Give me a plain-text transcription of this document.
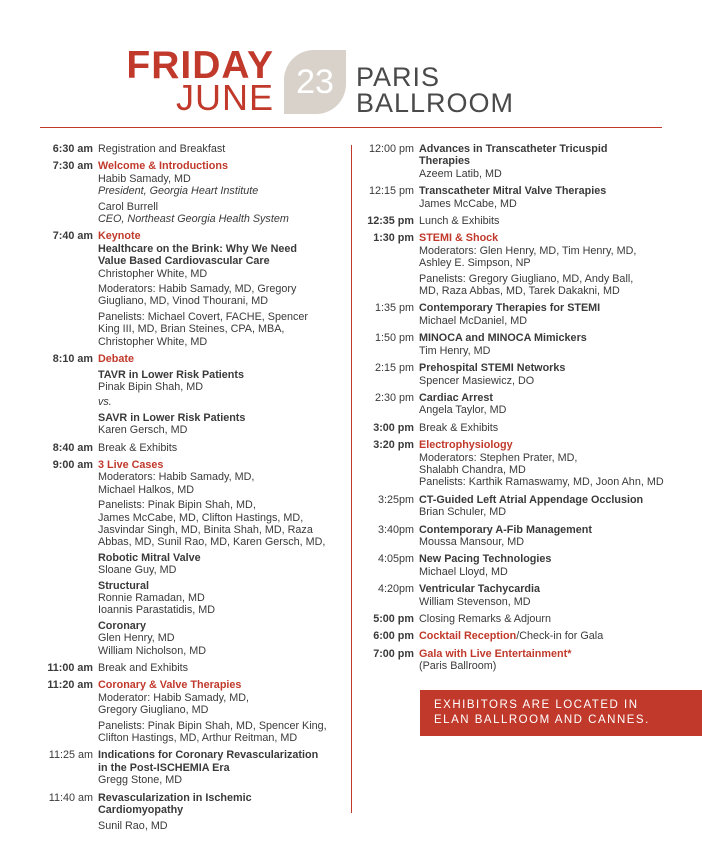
FRIDAY
JUNE 23 PARIS
BALLROOM
6:30 am Registration and Breakfast
7:30 am Welcome & Introductions
Habib Samady, MD
President, Georgia Heart Institute
Carol Burrell
CEO, Northeast Georgia Health System
7:40 am Keynote
Healthcare on the Brink: Why We Need
Value Based Cardiovascular Care
Christopher White, MD
Moderators: Habib Samady, MD, Gregory
Giugliano, MD, Vinod Thourani, MD
Panelists: Michael Covert, FACHE, Spencer
King III, MD, Brian Steines, CPA, MBA,
Christopher White, MD
8:10 am Debate
TAVR in Lower Risk Patients
Pinak Bipin Shah, MD
vs.
SAVR in Lower Risk Patients
Karen Gersch, MD
8:40 am Break & Exhibits
9:00 am 3 Live Cases
Moderators: Habib Samady, MD,
Michael Halkos, MD
Panelists: Pinak Bipin Shah, MD,
James McCabe, MD, Clifton Hastings, MD,
Jasvindar Singh, MD, Binita Shah, MD, Raza
Abbas, MD, Sunil Rao, MD, Karen Gersch, MD,
Robotic Mitral Valve
Sloane Guy, MD
Structural
Ronnie Ramadan, MD
Ioannis Parastatidis, MD
Coronary
Glen Henry, MD
William Nicholson, MD
11:00 am Break and Exhibits
11:20 am Coronary & Valve Therapies
Moderator: Habib Samady, MD,
Gregory Giugliano, MD
Panelists: Pinak Bipin Shah, MD, Spencer King,
Clifton Hastings, MD, Arthur Reitman, MD
11:25 am Indications for Coronary Revascularization
in the Post-ISCHEMIA Era
Gregg Stone, MD
11:40 am Revascularization in Ischemic
Cardiomyopathy
Sunil Rao, MD
12:00 pm Advances in Transcatheter Tricuspid
Therapies
Azeem Latib, MD
12:15 pm Transcatheter Mitral Valve Therapies
James McCabe, MD
12:35 pm Lunch & Exhibits
1:30 pm STEMI & Shock
Moderators: Glen Henry, MD, Tim Henry, MD,
Ashley E. Simpson, NP
Panelists: Gregory Giugliano, MD, Andy Ball,
MD, Raza Abbas, MD, Tarek Dakakni, MD
1:35 pm Contemporary Therapies for STEMI
Michael McDaniel, MD
1:50 pm MINOCA and MINOCA Mimickers
Tim Henry, MD
2:15 pm Prehospital STEMI Networks
Spencer Masiewicz, DO
2:30 pm Cardiac Arrest
Angela Taylor, MD
3:00 pm Break & Exhibits
3:20 pm Electrophysiology
Moderators: Stephen Prater, MD,
Shalabh Chandra, MD
Panelists: Karthik Ramaswamy, MD, Joon Ahn, MD
3:25pm CT-Guided Left Atrial Appendage Occlusion
Brian Schuler, MD
3:40pm Contemporary A-Fib Management
Moussa Mansour, MD
4:05pm New Pacing Technologies
Michael Lloyd, MD
4:20pm Ventricular Tachycardia
William Stevenson, MD
5:00 pm Closing Remarks & Adjourn
6:00 pm Cocktail Reception/Check-in for Gala
7:00 pm Gala with Live Entertainment*
(Paris Ballroom)
EXHIBITORS ARE LOCATED IN
ELAN BALLROOM AND CANNES.
